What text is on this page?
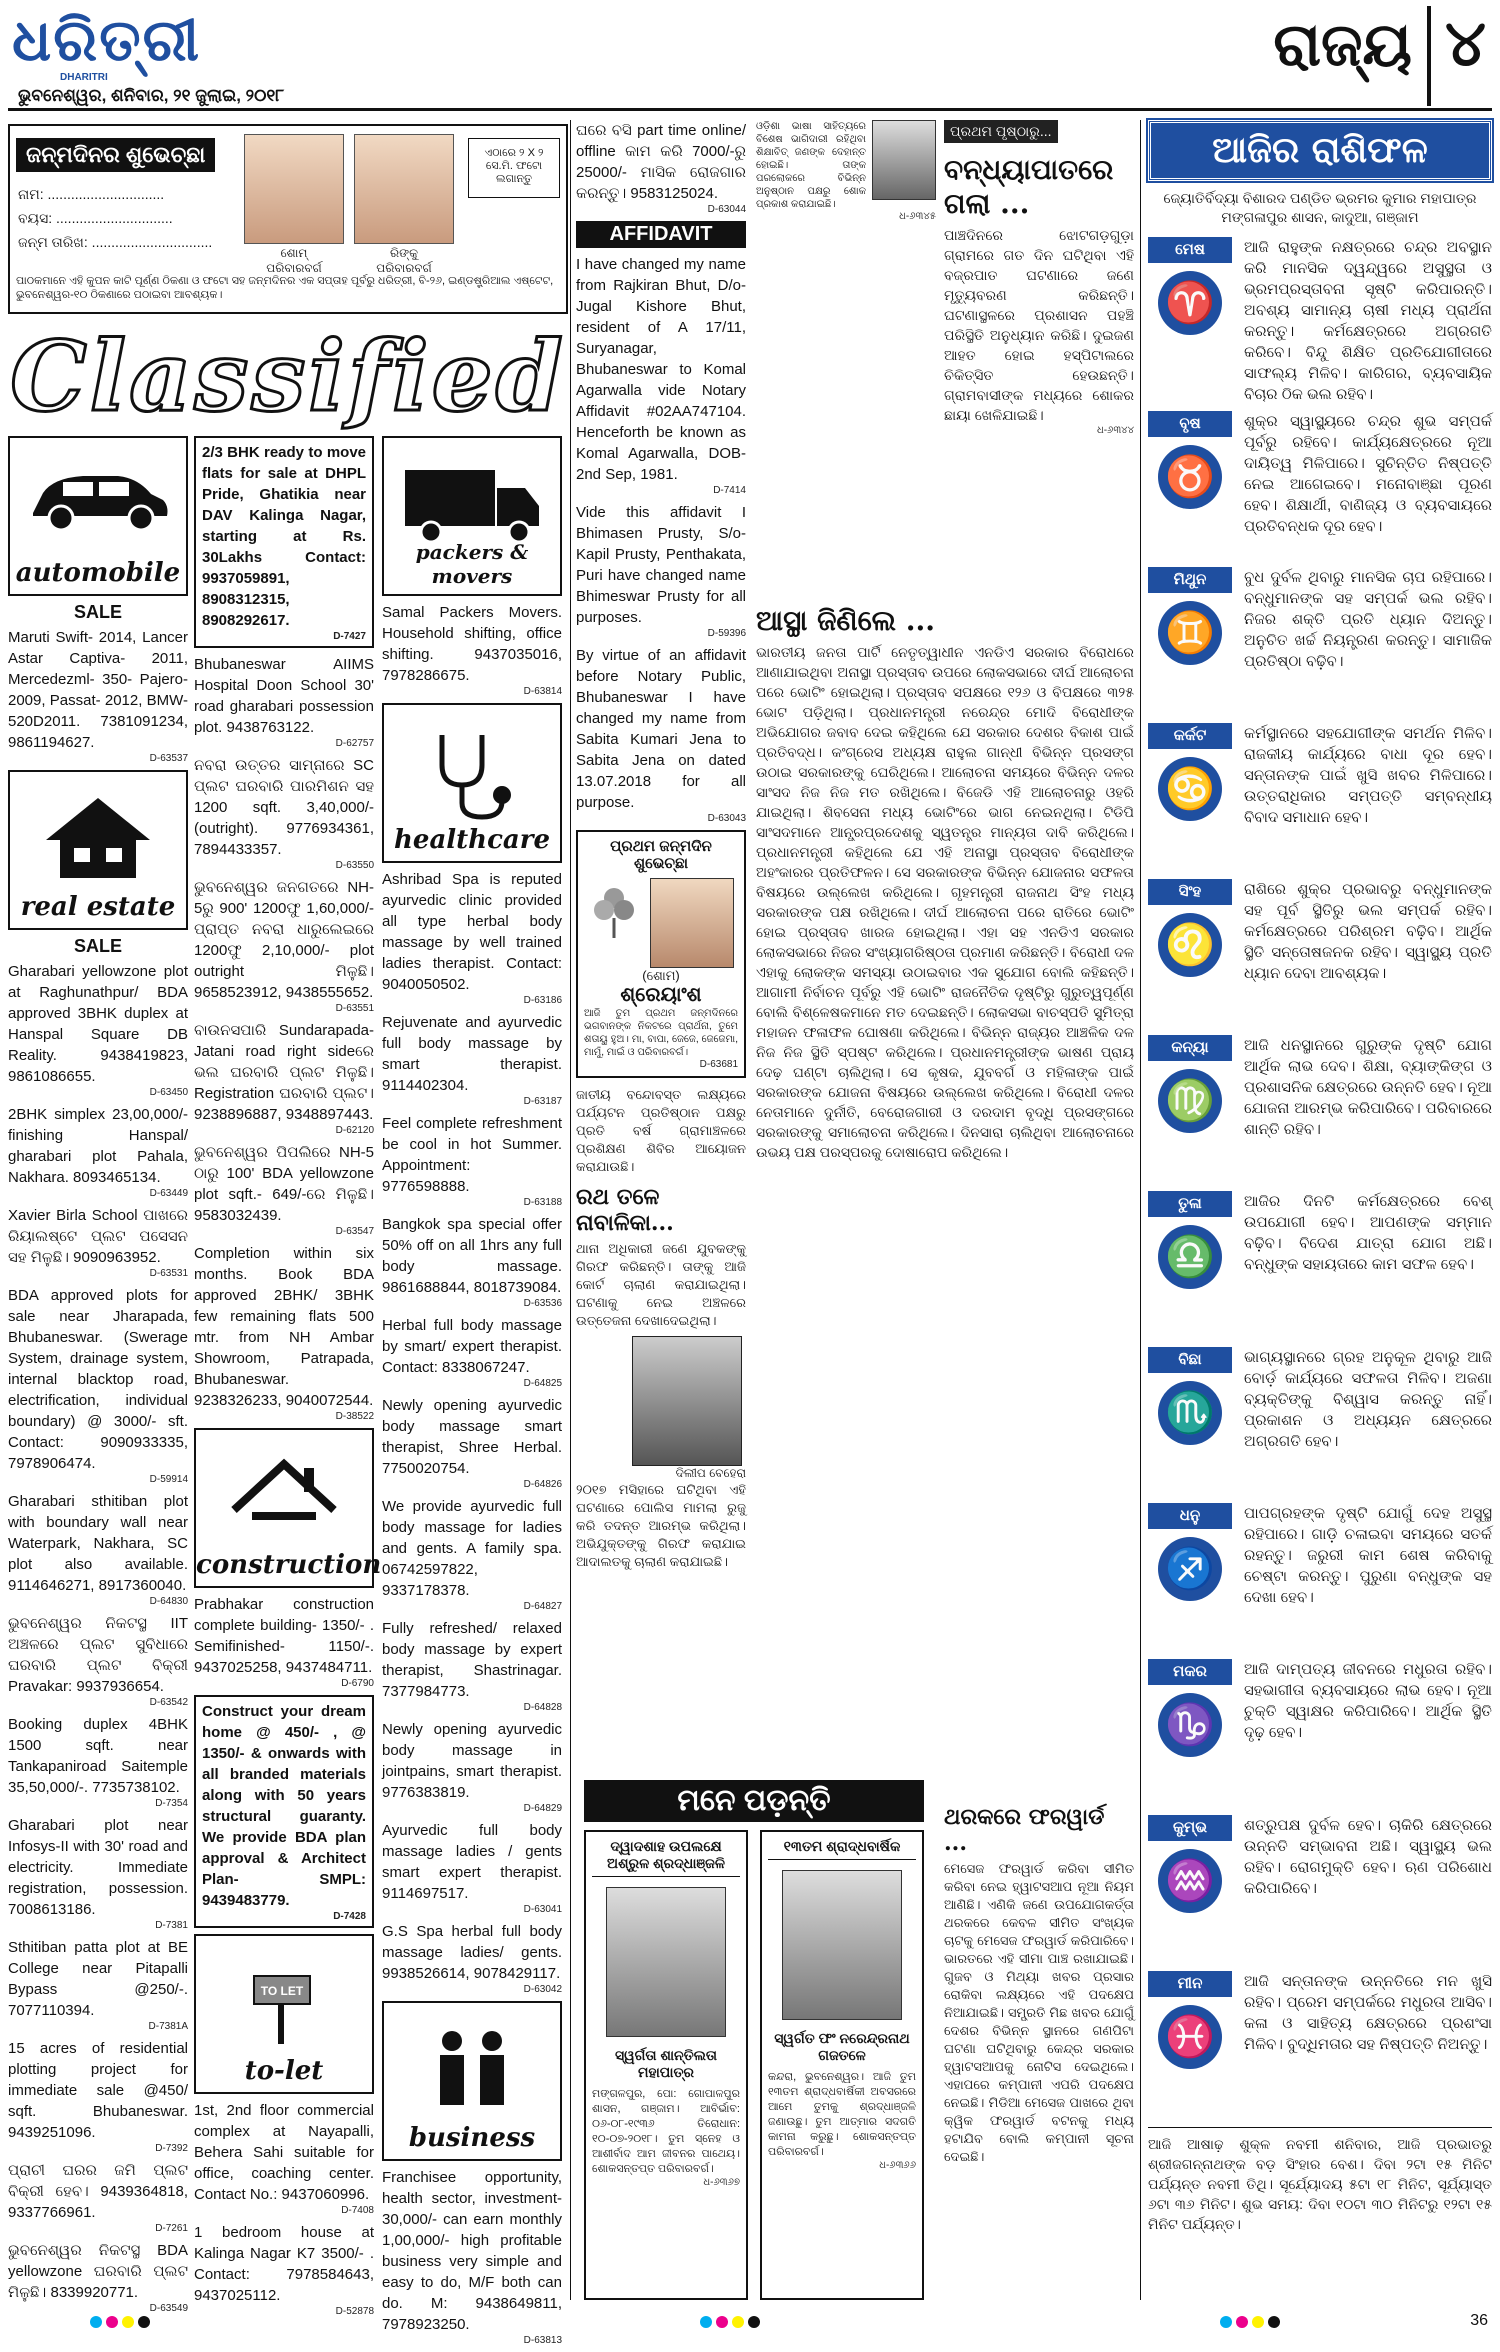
ଧରିତ୍ରୀ
DHARITRI
ଭୁବନେଶ୍ୱର, ଶନିବାର, ୨୧ ଜୁଲାଇ, ୨୦୧୮
ରାଜ୍ୟ ୪
ଜନ୍ମଦିନର ଶୁଭେଚ୍ଛା
ନାମ: ..............................
ବୟସ: ..............................
ଜନ୍ମ ତାରିଖ: ...............................
ଶୋମ୍
ପରିବାରବର୍ଗ
ରିଙ୍କୁ
ପରିବାରବର୍ଗ
ଏଠାରେ ୨ X ୨
ସେ.ମି. ଫଟୋ
ଲଗାନ୍ତୁ
ପାଠକମାନେ ଏହି କୁପନ କାଟି ପୂର୍ଣ୍ଣ ଠିକଣା ଓ ଫଟୋ ସହ ଜନ୍ମଦିନର ଏକ ସପ୍ତାହ ପୂର୍ବରୁ ଧରିତ୍ରୀ, ବି-୨୬, ଇଣ୍ଡଷ୍ଟ୍ରିଆଲ ଏଷ୍ଟେଟ, ଭୁବନେଶ୍ୱର-୧୦ ଠିକଣାରେ ପଠାଇବା ଆବଶ୍ୟକ।
Classified
automobile
SALE
Maruti Swift- 2014, Lancer Astar Captiva- 2011, Mercedezml- 350- Pajero- 2009, Passat- 2012, BMW- 520D2011. 7381091234, 9861194627.
D-63537
real estate
SALE
Gharabari yellowzone plot at Raghunathpur/ BDA approved 3BHK duplex at Hanspal Square DB Reality. 9438419823, 9861086655.
D-63450
2BHK simplex 23,00,000/- finishing Hanspal/ gharabari plot Pahala, Nakhara. 8093465134.
D-63449
Xavier Birla School ପାଖରେ ରିୟାଲଷ୍ଟେ ପ୍ଲଟ ପସେସନ ସହ ମିଳୁଛି। 9090963952.
D-63531
BDA approved plots for sale near Jharapada, Bhubaneswar. (Swerage System, drainage system, internal blacktop road, electrification, individual boundary) @ 3000/- sft. Contact: 9090933335, 7978906474.
D-59914
Gharabari sthitiban plot with boundary wall near Waterpark, Nakhara, SC plot also available. 9114646271, 8917360040.
D-64830
ଭୁବନେଶ୍ୱର ନିକଟସ୍ଥ IIT ଅଞ୍ଚଳରେ ପ୍ଲଟ ସୁବିଧାରେ ଘରବାରି ପ୍ଲଟ ବିକ୍ରୀ Pravakar: 9937936654.
D-63542
Booking duplex 4BHK 1500 sqft. near Tankapaniroad Saitemple 35,50,000/-. 7735738102.
D-7354
Gharabari plot near Infosys-II with 30' road and electricity. Immediate registration, possession. 7008613186.
D-7381
Sthitiban patta plot at BE College near Pitapalli Bypass @250/-. 7077110394.
D-7381A
15 acres of residential plotting project for immediate sale @450/ sqft. Bhubaneswar. 9439251096.
D-7392
ପ୍ରାଚୀ ଘରର ଜମି ପ୍ଲଟ ବିକ୍ରୀ ହେବ। 9439364818, 9337766961.
D-7261
ଭୁବନେଶ୍ୱର ନିକଟସ୍ଥ BDA yellowzone ଘରବାରି ପ୍ଲଟ ମିଳୁଛି। 8339920771.
D-63549
2/3 BHK ready to move flats for sale at DHPL Pride, Ghatikia near DAV Kalinga Nagar, starting at Rs. 30Lakhs Contact: 9937059891, 8908312315, 8908292617.
D-7427
Bhubaneswar AIIMS Hospital Doon School 30' road gharabari possession plot. 9438763122.
D-62757
ନବରା ଉତ୍ତର ସାମ୍ନାରେ SC ପ୍ଲଟ ଘରବାରି ପାରମିଶନ ସହ 1200 sqft. 3,40,000/- (outright). 9776934361, 7894433357.
D-63550
ଭୁବନେଶ୍ୱର ଜନଗତରେ NH-5ରୁ 900' 1200ଫୁ 1,60,000/- ପ୍ରାପ୍ତ ନବରା ଧାରୁଲେଇରେ 1200ଫୁ 2,10,000/- plot outright ମିଳୁଛି। 9658523912, 9438555652.
D-63551
ବାଉନସପାରି Sundarapada- Jatani road right sideରେ ଭଲ ଘରବାରି ପ୍ଲଟ ମିଳୁଛି। Registration ଘରବାରି ପ୍ଲଟ। 9238896887, 9348897443.
D-62120
ଭୁବନେଶ୍ୱର ପିପଲିରେ NH-5 ଠାରୁ 100' BDA yellowzone plot sqft.- 649/-ରେ ମିଳୁଛି। 9583032439.
D-63547
Completion within six months. Book BDA approved 2BHK/ 3BHK few remaining flats 500 mtr. from NH Ambar Showroom, Patrapada, Bhubaneswar. 9238326233, 9040072544.
D-38522
construction
Prabhakar construction complete building- 1350/- . Semifinished- 1150/-. 9437025258, 9437484711.
D-6790
Construct your dream home @ 450/- , @ 1350/- & onwards with all branded materials along with 50 years structural guaranty. We provide BDA plan approval & Architect Plan- SMPL: 9439483779.
D-7428
TO LET
to-let
1st, 2nd floor commercial complex at Nayapalli, Behera Sahi suitable for office, coaching center. Contact No.: 9437060996.
D-7408
1 bedroom house at Kalinga Nagar K7 3500/- . Contact: 7978584643, 9437025112.
D-52878
packers & movers
Samal Packers Movers. Household shifting, office shifting. 9437035016, 7978286675.
D-63814
healthcare
Ashribad Spa is reputed ayurvedic clinic provided all type herbal body massage by well trained ladies therapist. Contact: 9040050502.
D-63186
Rejuvenate and ayurvedic full body massage by smart therapist. 9114402304.
D-63187
Feel complete refreshment be cool in hot Summer. Appointment: 9776598888.
D-63188
Bangkok spa special offer 50% off on all 1hrs any full body massage. 9861688844, 8018739084.
D-63536
Herbal full body massage by smart/ expert therapist. Contact: 8338067247.
D-64825
Newly opening ayurvedic body massage smart therapist, Shree Herbal. 7750020754.
D-64826
We provide ayurvedic full body massage for ladies and gents. A family spa. 06742597822, 9337178378.
D-64827
Fully refreshed/ relaxed body massage by expert therapist, Shastrinagar. 7377984773.
D-64828
Newly opening ayurvedic body massage in jointpains, smart therapist. 9776383819.
D-64829
Ayurvedic full body massage ladies / gents smart expert therapist. 9114697517.
D-63041
G.S Spa herbal full body massage ladies/ gents. 9938526614, 9078429117.
D-63042
business
Franchisee opportunity, health sector, investment- 30,000/- can earn monthly 1,00,000/- high profitable business very simple and easy to do, M/F both can do. M: 9438649811, 7978923250.
D-63813
ଘରେ ବସି part time online/ offline କାମ କରି 7000/-ରୁ 25000/- ମାସିକ ରୋଜଗାର କରନ୍ତୁ। 9583125024.
D-63044
AFFIDAVIT
I have changed my name from Rajkiran Bhut, D/o- Jugal Kishore Bhut, resident of A 17/11, Suryanagar, Bhubaneswar to Komal Agarwalla vide Notary Affidavit #02AA747104. Henceforth be known as Komal Agarwalla, DOB- 2nd Sep, 1981.
D-7414
Vide this affidavit I Bhimasen Prusty, S/o- Kapil Prusty, Penthakata, Puri have changed name Bhimeswar Prusty for all purposes.
D-59396
By virtue of an affidavit before Notary Public, Bhubaneswar I have changed my name from Sabita Kumari Jena to Sabita Jena on dated 13.07.2018 for all purpose.
D-63043
ପ୍ରଥମ ଜନ୍ମଦିନ ଶୁଭେଚ୍ଛା
(ଶୋମ)
ଶ୍ରେୟାଂଶ
ଆଜି ତୁମ ପ୍ରଥମ ଜନ୍ମଦିନରେ ଭଗବାନଙ୍କ ନିକଟରେ ପ୍ରାର୍ଥନା, ତୁମେ ଶତାୟୁ ହୁଅ। ମା, ବାପା, ଜେଜେ, ଜେଜେମା, ମାମୁଁ, ମାଇଁ ଓ ପରିବାରବର୍ଗ।
D-63681
ଜାତୀୟ ବନ୍ଦୋବସ୍ତ ଲକ୍ଷ୍ୟରେ ପର୍ଯ୍ୟଟନ ପ୍ରତିଷ୍ଠାନ ପକ୍ଷରୁ ପ୍ରତି ବର୍ଷ ଗ୍ରାମାଞ୍ଚଳରେ ପ୍ରଶିକ୍ଷଣ ଶିବିର ଆୟୋଜନ କରାଯାଉଛି।
ରଥ ତଳେ ନାବାଳିକା...
ଥାନା ଅଧିକାରୀ ଜଣେ ଯୁବକଙ୍କୁ ଗିରଫ କରିଛନ୍ତି। ତାଙ୍କୁ ଆଜି କୋର୍ଟ ଚାଲାଣ କରାଯାଇଥିଲା। ଘଟଣାକୁ ନେଇ ଅଞ୍ଚଳରେ ଉତ୍ତେଜନା ଦେଖାଦେଇଥିଲା।
ଦିଲୀପ ବେହେରା
୨୦୧୭ ମସିହାରେ ଘଟିଥିବା ଏହି ଘଟଣାରେ ପୋଲିସ ମାମଲା ରୁଜୁ କରି ତଦନ୍ତ ଆରମ୍ଭ କରିଥିଲା। ଅଭିଯୁକ୍ତଙ୍କୁ ଗିରଫ କରାଯାଇ ଆଦାଲତକୁ ଚାଲାଣ କରାଯାଇଛି।
ଓଡ଼ିଶା ଭାଷା ସାହିତ୍ୟରେ ବିଶେଷ ଭାଗିଦାରୀ ରହିଥିବା ଶିକ୍ଷାବିତ୍ ଜଣଙ୍କ ଦେହାନ୍ତ ହୋଇଛି। ତାଙ୍କ ପରଲୋକରେ ବିଭିନ୍ନ ଅନୁଷ୍ଠାନ ପକ୍ଷରୁ ଶୋକ ପ୍ରକାଶ କରାଯାଇଛି।
ଧ-୬୩୪୫
ପ୍ରଥମ ପୃଷ୍ଠାରୁ...
ବନ୍ଧ୍ୟାପାତରେ ଗଲା ...
ପାଞ୍ଚଦିନରେ ଝୋଟଗଡ଼ଗୁଡ଼ା ଗ୍ରାମରେ ଗତ ଦିନ ଘଟିଥିବା ଏହି ବଜ୍ରପାତ ଘଟଣାରେ ଜଣେ ମୃତ୍ୟୁବରଣ କରିଛନ୍ତି। ଘଟଣାସ୍ଥଳରେ ପ୍ରଶାସନ ପହଞ୍ଚି ପରିସ୍ଥିତି ଅନୁଧ୍ୟାନ କରିଛି। ଦୁଇଜଣ ଆହତ ହୋଇ ହସ୍ପିଟାଲରେ ଚିକିତ୍ସିତ ହେଉଛନ୍ତି। ଗ୍ରାମବାସୀଙ୍କ ମଧ୍ୟରେ ଶୋକର ଛାୟା ଖେଳିଯାଇଛି।
ଧ-୬୩୪୪
ଆସ୍ଥା ଜିଣିଲେ ...
ଭାରତୀୟ ଜନତା ପାର୍ଟି ନେତୃତ୍ୱାଧୀନ ଏନଡିଏ ସରକାର ବିରୋଧରେ ଆଣାଯାଇଥିବା ଅନାସ୍ଥା ପ୍ରସ୍ତାବ ଉପରେ ଲୋକସଭାରେ ଦୀର୍ଘ ଆଲୋଚନା ପରେ ଭୋଟିଂ ହୋଇଥିଲା। ପ୍ରସ୍ତାବ ସପକ୍ଷରେ ୧୨୬ ଓ ବିପକ୍ଷରେ ୩୨୫ ଭୋଟ ପଡ଼ିଥିଲା। ପ୍ରଧାନମନ୍ତ୍ରୀ ନରେନ୍ଦ୍ର ମୋଦି ବିରୋଧୀଙ୍କ ଅଭିଯୋଗର ଜବାବ ଦେଇ କହିଥିଲେ ଯେ ସରକାର ଦେଶର ବିକାଶ ପାଇଁ ପ୍ରତିବଦ୍ଧ। କଂଗ୍ରେସ ଅଧ୍ୟକ୍ଷ ରାହୁଲ ଗାନ୍ଧୀ ବିଭିନ୍ନ ପ୍ରସଙ୍ଗ ଉଠାଇ ସରକାରଙ୍କୁ ଘେରିଥିଲେ। ଆଲୋଚନା ସମୟରେ ବିଭିନ୍ନ ଦଳର ସାଂସଦ ନିଜ ନିଜ ମତ ରଖିଥିଲେ। ବିଜେଡି ଏହି ଆଲୋଚନାରୁ ଓହରି ଯାଇଥିଲା। ଶିବସେନା ମଧ୍ୟ ଭୋଟିଂରେ ଭାଗ ନେଇନଥିଲା। ଟିଡିପି ସାଂସଦମାନେ ଆନ୍ଧ୍ରପ୍ରଦେଶକୁ ସ୍ୱତନ୍ତ୍ର ମାନ୍ୟତା ଦାବି କରିଥିଲେ। ପ୍ରଧାନମନ୍ତ୍ରୀ କହିଥିଲେ ଯେ ଏହି ଅନାସ୍ଥା ପ୍ରସ୍ତାବ ବିରୋଧୀଙ୍କ ଅହଂକାରର ପ୍ରତିଫଳନ। ସେ ସରକାରଙ୍କ ବିଭିନ୍ନ ଯୋଜନାର ସଫଳତା ବିଷୟରେ ଉଲ୍ଲେଖ କରିଥିଲେ। ଗୃହମନ୍ତ୍ରୀ ରାଜନାଥ ସିଂହ ମଧ୍ୟ ସରକାରଙ୍କ ପକ୍ଷ ରଖିଥିଲେ। ଦୀର୍ଘ ଆଲୋଚନା ପରେ ରାତିରେ ଭୋଟିଂ ହୋଇ ପ୍ରସ୍ତାବ ଖାରଜ ହୋଇଥିଲା। ଏହା ସହ ଏନଡିଏ ସରକାର ଲୋକସଭାରେ ନିଜର ସଂଖ୍ୟାଗରିଷ୍ଠତା ପ୍ରମାଣ କରିଛନ୍ତି। ବିରୋଧୀ ଦଳ ଏହାକୁ ଲୋକଙ୍କ ସମସ୍ୟା ଉଠାଇବାର ଏକ ସୁଯୋଗ ବୋଲି କହିଛନ୍ତି। ଆଗାମୀ ନିର୍ବାଚନ ପୂର୍ବରୁ ଏହି ଭୋଟିଂ ରାଜନୈତିକ ଦୃଷ୍ଟିରୁ ଗୁରୁତ୍ୱପୂର୍ଣ୍ଣ ବୋଲି ବିଶ୍ଳେଷକମାନେ ମତ ଦେଇଛନ୍ତି। ଲୋକସଭା ବାଚସ୍ପତି ସୁମିତ୍ରା ମହାଜନ ଫଳାଫଳ ଘୋଷଣା କରିଥିଲେ। ବିଭିନ୍ନ ରାଜ୍ୟର ଆଞ୍ଚଳିକ ଦଳ ନିଜ ନିଜ ସ୍ଥିତି ସ୍ପଷ୍ଟ କରିଥିଲେ। ପ୍ରଧାନମନ୍ତ୍ରୀଙ୍କ ଭାଷଣ ପ୍ରାୟ ଦେଢ଼ ଘଣ୍ଟା ଚାଲିଥିଲା। ସେ କୃଷକ, ଯୁବବର୍ଗ ଓ ମହିଳାଙ୍କ ପାଇଁ ସରକାରଙ୍କ ଯୋଜନା ବିଷୟରେ ଉଲ୍ଲେଖ କରିଥିଲେ। ବିରୋଧୀ ଦଳର ନେତାମାନେ ଦୁର୍ନୀତି, ବେରୋଜଗାରୀ ଓ ଦରଦାମ ବୃଦ୍ଧି ପ୍ରସଙ୍ଗରେ ସରକାରଙ୍କୁ ସମାଲୋଚନା କରିଥିଲେ। ଦିନସାରା ଚାଲିଥିବା ଆଲୋଚନାରେ ଉଭୟ ପକ୍ଷ ପରସ୍ପରକୁ ଦୋଷାରୋପ କରିଥିଲେ।
ଥରକରେ ଫରୱାର୍ଡ ...
ମେସେଜ ଫରୱାର୍ଡ କରିବା ସୀମିତ କରିବା ନେଇ ହ୍ୱାଟସଆପ ନୂଆ ନିୟମ ଆଣିଛି। ଏଣିକି ଜଣେ ଉପଯୋଗକର୍ତ୍ତା ଥରକରେ କେବଳ ସୀମିତ ସଂଖ୍ୟକ ଚାଟକୁ ମେସେଜ ଫରୱାର୍ଡ କରିପାରିବେ। ଭାରତରେ ଏହି ସୀମା ପାଞ୍ଚ ରଖାଯାଇଛି। ଗୁଜବ ଓ ମିଥ୍ୟା ଖବର ପ୍ରସାର ରୋକିବା ଲକ୍ଷ୍ୟରେ ଏହି ପଦକ୍ଷେପ ନିଆଯାଇଛି। ସମ୍ପ୍ରତି ମିଛ ଖବର ଯୋଗୁଁ ଦେଶର ବିଭିନ୍ନ ସ୍ଥାନରେ ଗଣପିଟା ଘଟଣା ଘଟିଥିବାରୁ କେନ୍ଦ୍ର ସରକାର ହ୍ୱାଟସଆପକୁ ନୋଟିସ ଦେଇଥିଲେ। ଏହାପରେ କମ୍ପାନୀ ଏପରି ପଦକ୍ଷେପ ନେଇଛି। ମିଡିଆ ମେସେଜ ପାଖରେ ଥିବା କ୍ୱିକ ଫରୱାର୍ଡ ବଟନକୁ ମଧ୍ୟ ହଟାଯିବ ବୋଲି କମ୍ପାନୀ ସୂଚନା ଦେଇଛି।
ମନେ ପଡ଼ନ୍ତି
ଦ୍ୱାଦଶାହ ଉପଲକ୍ଷେ
ଅଶ୍ରୁଳ ଶ୍ରଦ୍ଧାଞ୍ଜଳି
ସ୍ୱର୍ଗତା ଶାନ୍ତିଲତା ମହାପାତ୍ର
ମଙ୍ଗଳପୁର, ପୋ: ଗୋପାଳପୁର ଶାସନ, ଗଞ୍ଜାମ। ଆବିର୍ଭାବ: ୦୬-୦୮-୧୯୩୬ ତିରୋଧାନ: ୧୦-୦୭-୨୦୧୮। ତୁମ ସ୍ନେହ ଓ ଆଶୀର୍ବାଦ ଆମ ଜୀବନର ପାଥେୟ। ଶୋକସନ୍ତପ୍ତ ପରିବାରବର୍ଗ।
ଧ-୬୩୬୭
୧୩ତମ ଶ୍ରାଦ୍ଧବାର୍ଷିକ
ସ୍ୱର୍ଗତ ଫଂ ନରେନ୍ଦ୍ରନାଥ ଗଜତଳେ
କନ୍ଦରା, ଭୁବନେଶ୍ୱର। ଆଜି ତୁମ ୧୩ତମ ଶ୍ରାଦ୍ଧବାର୍ଷିକୀ ଅବସରରେ ଆମେ ତୁମକୁ ଶ୍ରଦ୍ଧାଞ୍ଜଳି ଜଣାଉଛୁ। ତୁମ ଆତ୍ମାର ସଦଗତି କାମନା କରୁଛୁ। ଶୋକସନ୍ତପ୍ତ ପରିବାରବର୍ଗ।
ଧ-୬୩୬୬
ଆଜିର ରାଶିଫଳ
ଜ୍ୟୋତିର୍ବିଦ୍ୟା ବିଶାରଦ ପଣ୍ଡିତ ଭ୍ରମର କୁମାର ମହାପାତ୍ର
ମଙ୍ଗଳାପୁର ଶାସନ, କାଦୁଆ, ଗଞ୍ଜାମ
ମେଷ
♈
ଆଜି ରାହୁଙ୍କ ନକ୍ଷତ୍ରରେ ଚନ୍ଦ୍ର ଅବସ୍ଥାନ କରି ମାନସିକ ଦ୍ୱନ୍ଦ୍ୱରେ ଅସୁସ୍ଥତା ଓ ଭ୍ରମପ୍ରସ୍ତାବନା ସୃଷ୍ଟି କରିପାରନ୍ତି। ଅବଶ୍ୟ ସାମାନ୍ୟ ଚାଷୀ ମଧ୍ୟ ପ୍ରାର୍ଥନା କରନ୍ତୁ। କର୍ମକ୍ଷେତ୍ରରେ ଅଗ୍ରଗତି କରିବେ। ବିନ୍ଦୁ ଶିକ୍ଷିତ ପ୍ରତିଯୋଗୀତାରେ ସାଫଲ୍ୟ ମିଳିବ। କାରିଗର, ବ୍ୟବସାୟିକ ବିଚାର ଠିକ ଭଲ ରହିବ।
ବୃଷ
♉
ଶୁକ୍ର ସ୍ୱାସ୍ଥ୍ୟରେ ଚନ୍ଦ୍ର ଶୁଭ ସମ୍ପର୍କ ପୂର୍ବରୁ ରହିବେ। କାର୍ଯ୍ୟକ୍ଷେତ୍ରରେ ନୂଆ ଦାୟିତ୍ୱ ମିଳିପାରେ। ସୁଚିନ୍ତିତ ନିଷ୍ପତ୍ତି ନେଇ ଆଗେଇବେ। ମନୋବାଞ୍ଛା ପୂରଣ ହେବ। ଶିକ୍ଷାର୍ଥୀ, ବାଣିଜ୍ୟ ଓ ବ୍ୟବସାୟରେ ପ୍ରତିବନ୍ଧକ ଦୂର ହେବ।
ମିଥୁନ
♊
ବୁଧ ଦୁର୍ବଳ ଥିବାରୁ ମାନସିକ ଚାପ ରହିପାରେ। ବନ୍ଧୁମାନଙ୍କ ସହ ସମ୍ପର୍କ ଭଲ ରହିବ। ନିଜର ଶକ୍ତି ପ୍ରତି ଧ୍ୟାନ ଦିଅନ୍ତୁ। ଅନୁଚିତ ଖର୍ଚ୍ଚ ନିୟନ୍ତ୍ରଣ କରନ୍ତୁ। ସାମାଜିକ ପ୍ରତିଷ୍ଠା ବଢ଼ିବ।
କର୍କଟ
♋
କର୍ମସ୍ଥାନରେ ସହଯୋଗୀଙ୍କ ସମର୍ଥନ ମିଳିବ। ରାଜକୀୟ କାର୍ଯ୍ୟରେ ବାଧା ଦୂର ହେବ। ସନ୍ତାନଙ୍କ ପାଇଁ ଖୁସି ଖବର ମିଳିପାରେ। ଉତ୍ତରାଧିକାର ସମ୍ପତ୍ତି ସମ୍ବନ୍ଧୀୟ ବିବାଦ ସମାଧାନ ହେବ।
ସିଂହ
♌
ରାଶିରେ ଶୁକ୍ର ପ୍ରଭାବରୁ ବନ୍ଧୁମାନଙ୍କ ସହ ପୂର୍ବ ସ୍ଥିତିରୁ ଭଲ ସମ୍ପର୍କ ରହିବ। କର୍ମକ୍ଷେତ୍ରରେ ପରିଶ୍ରମ ବଢ଼ିବ। ଆର୍ଥିକ ସ୍ଥିତି ସନ୍ତୋଷଜନକ ରହିବ। ସ୍ୱାସ୍ଥ୍ୟ ପ୍ରତି ଧ୍ୟାନ ଦେବା ଆବଶ୍ୟକ।
କନ୍ୟା
♍
ଆଜି ଧନସ୍ଥାନରେ ଗୁରୁଙ୍କ ଦୃଷ୍ଟି ଯୋଗ ଆର୍ଥିକ ଲାଭ ଦେବ। ଶିକ୍ଷା, ବ୍ୟାଙ୍କିଙ୍ଗ ଓ ପ୍ରଶାସନିକ କ୍ଷେତ୍ରରେ ଉନ୍ନତି ହେବ। ନୂଆ ଯୋଜନା ଆରମ୍ଭ କରିପାରିବେ। ପରିବାରରେ ଶାନ୍ତି ରହିବ।
ତୁଳା
♎
ଆଜିର ଦିନଟି କର୍ମକ୍ଷେତ୍ରରେ ବେଶ୍ ଉପଯୋଗୀ ହେବ। ଆପଣଙ୍କ ସମ୍ମାନ ବଢ଼ିବ। ବିଦେଶ ଯାତ୍ରା ଯୋଗ ଅଛି। ବନ୍ଧୁଙ୍କ ସହାୟତାରେ କାମ ସଫଳ ହେବ।
ବିଛା
♏
ଭାଗ୍ୟସ୍ଥାନରେ ଗ୍ରହ ଅନୁକୂଳ ଥିବାରୁ ଆଜି ବୋର୍ଡ଼ କାର୍ଯ୍ୟରେ ସଫଳତା ମିଳିବ। ଅଜଣା ବ୍ୟକ୍ତିଙ୍କୁ ବିଶ୍ୱାସ କରନ୍ତୁ ନାହିଁ। ପ୍ରକାଶନ ଓ ଅଧ୍ୟୟନ କ୍ଷେତ୍ରରେ ଅଗ୍ରଗତି ହେବ।
ଧନୁ
♐
ପାପଗ୍ରହଙ୍କ ଦୃଷ୍ଟି ଯୋଗୁଁ ଦେହ ଅସୁସ୍ଥ ରହିପାରେ। ଗାଡ଼ି ଚଳାଇବା ସମୟରେ ସତର୍କ ରହନ୍ତୁ। ଜରୁରୀ କାମ ଶେଷ କରିବାକୁ ଚେଷ୍ଟା କରନ୍ତୁ। ପୁରୁଣା ବନ୍ଧୁଙ୍କ ସହ ଦେଖା ହେବ।
ମକର
♑
ଆଜି ଦାମ୍ପତ୍ୟ ଜୀବନରେ ମଧୁରତା ରହିବ। ସହଭାଗୀତା ବ୍ୟବସାୟରେ ଲାଭ ହେବ। ନୂଆ ଚୁକ୍ତି ସ୍ୱାକ୍ଷର କରିପାରିବେ। ଆର୍ଥିକ ସ୍ଥିତି ଦୃଢ଼ ହେବ।
କୁମ୍ଭ
♒
ଶତ୍ରୁପକ୍ଷ ଦୁର୍ବଳ ହେବ। ଚାକିରି କ୍ଷେତ୍ରରେ ଉନ୍ନତି ସମ୍ଭାବନା ଅଛି। ସ୍ୱାସ୍ଥ୍ୟ ଭଲ ରହିବ। ରୋଗମୁକ୍ତି ହେବ। ଋଣ ପରିଶୋଧ କରିପାରିବେ।
ମୀନ
♓
ଆଜି ସନ୍ତାନଙ୍କ ଉନ୍ନତିରେ ମନ ଖୁସି ରହିବ। ପ୍ରେମ ସମ୍ପର୍କରେ ମଧୁରତା ଆସିବ। କଳା ଓ ସାହିତ୍ୟ କ୍ଷେତ୍ରରେ ପ୍ରଶଂସା ମିଳିବ। ବୁଦ୍ଧିମତାର ସହ ନିଷ୍ପତ୍ତି ନିଅନ୍ତୁ।
ଆଜି ଆଷାଢ଼ ଶୁକ୍ଳ ନବମୀ ଶନିବାର, ଆଜି ପ୍ରଭାତରୁ ଶ୍ରୀଜଗନ୍ନାଥଙ୍କ ବଡ଼ ସିଂହାର ବେଶ। ଦିବା ୨ଟା ୧୫ ମିନିଟ ପର୍ଯ୍ୟନ୍ତ ନବମୀ ତିଥି। ସୂର୍ଯ୍ୟୋଦୟ ୫ଟା ୧୮ ମିନିଟ, ସୂର୍ଯ୍ୟାସ୍ତ ୬ଟା ୩୬ ମିନିଟ। ଶୁଭ ସମୟ: ଦିବା ୧୦ଟା ୩୦ ମିନିଟରୁ ୧୨ଟା ୧୫ ମିନିଟ ପର୍ଯ୍ୟନ୍ତ।
36
